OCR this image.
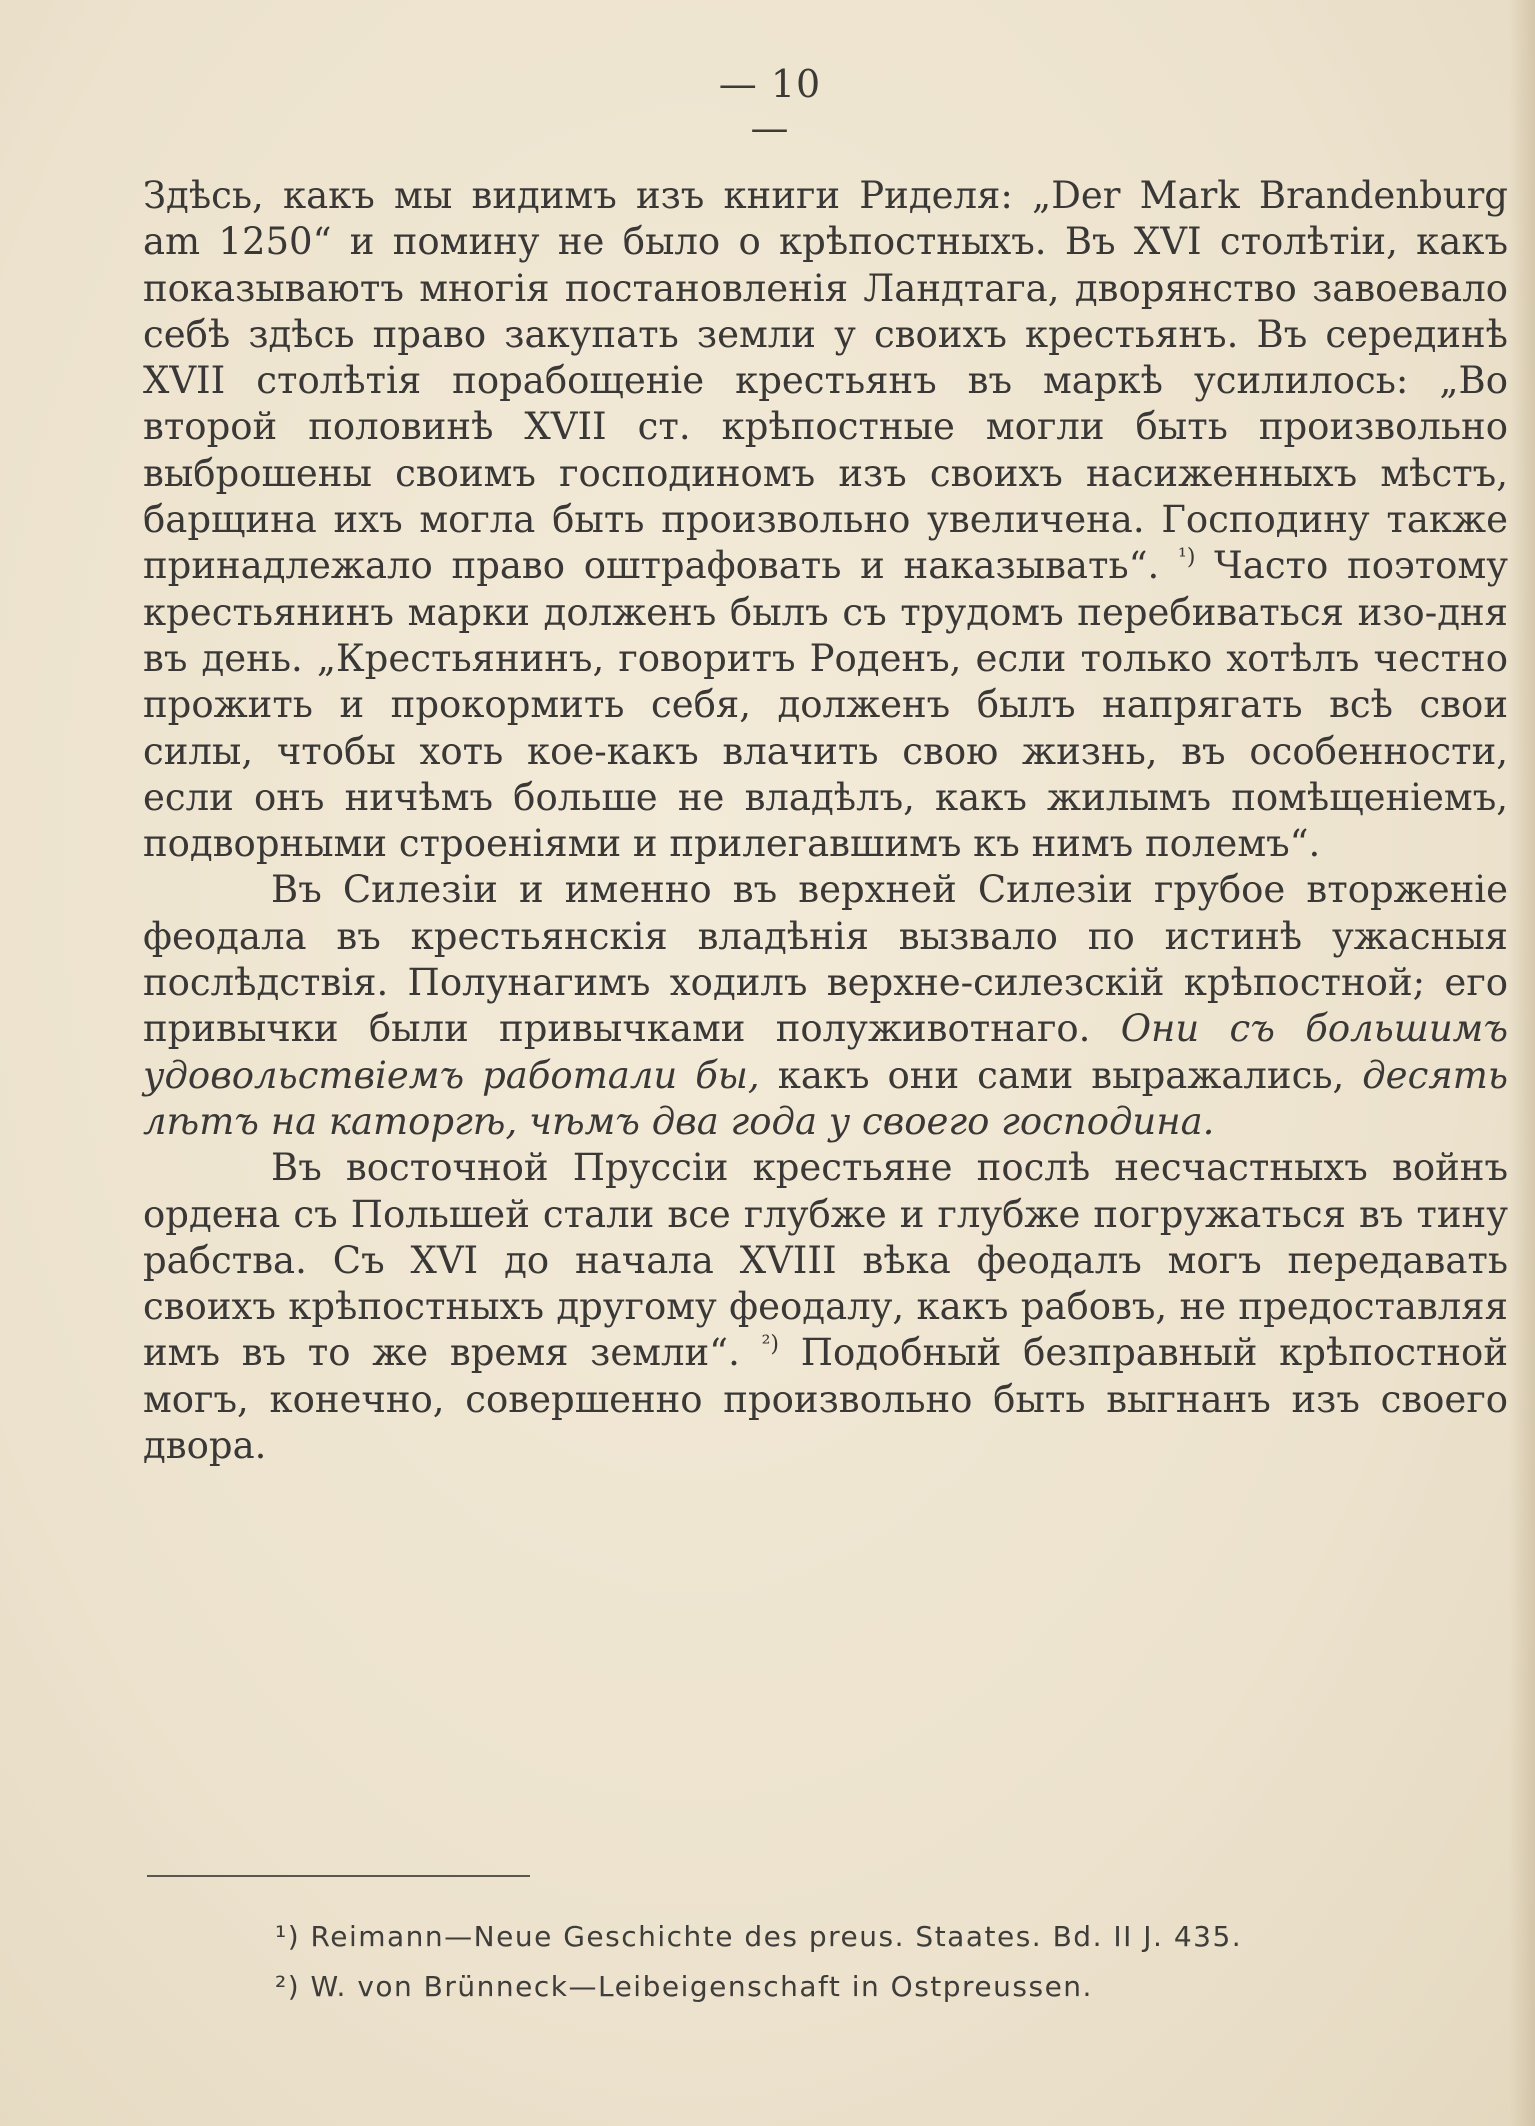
— 10 —

Здѣсь, какъ мы видимъ изъ книги Риделя: „Der Mark Brandenburg am 1250“ и помину не было о крѣпостныхъ. Въ XVI столѣтіи, какъ показываютъ многія постановленія Ландтага, дворянство завоевало себѣ здѣсь право закупать земли у своихъ крестьянъ. Въ серединѣ XVII столѣтія порабощеніе крестьянъ въ маркѣ усилилось: „Во второй половинѣ XVII ст. крѣпостные могли быть произвольно выброшены своимъ господиномъ изъ своихъ насиженныхъ мѣстъ, барщина ихъ могла быть произвольно увеличена. Господину также принадлежало право оштрафовать и наказывать“. $^{^1)}$ Часто поэтому крестьянинъ марки долженъ былъ съ трудомъ перебиваться изо-дня въ день. „Крестьянинъ, говоритъ Роденъ, если только хотѣлъ честно прожить и прокормить себя, долженъ былъ напрягать всѣ свои силы, чтобы хоть кое-какъ влачить свою жизнь, въ особенности, если онъ ничѣмъ больше не владѣлъ, какъ жилымъ помѣщеніемъ, подворными строеніями и прилегавшимъ къ нимъ полемъ“.

Въ Силезіи и именно въ верхней Силезіи грубое вторженіе феодала въ крестьянскія владѣнія вызвало по истинѣ ужасныя послѣдствія. Полунагимъ ходилъ верхне-силезскій крѣпостной; его привычки были привычками полуживотнаго. Они съ большимъ удовольствіемъ работали бы, какъ они сами выражались, десять лѣтъ на каторгѣ, чѣмъ два года у своего господина.

Въ восточной Пруссіи крестьяне послѣ несчастныхъ войнъ ордена съ Польшей стали все глубже и глубже погружаться въ тину рабства. Съ XVI до начала XVIII вѣка феодалъ могъ передавать своихъ крѣпостныхъ другому феодалу, какъ рабовъ, не предоставляя имъ въ то же время земли“. $^{^2)}$ Подобный безправный крѣпостной могъ, конечно, совершенно произвольно быть выгнанъ изъ своего двора.

¹) Reimann—Neue Geschichte des preus. Staates. Bd. II J. 435.
²) W. von Brünneck—Leibeigenschaft in Ostpreussen.
